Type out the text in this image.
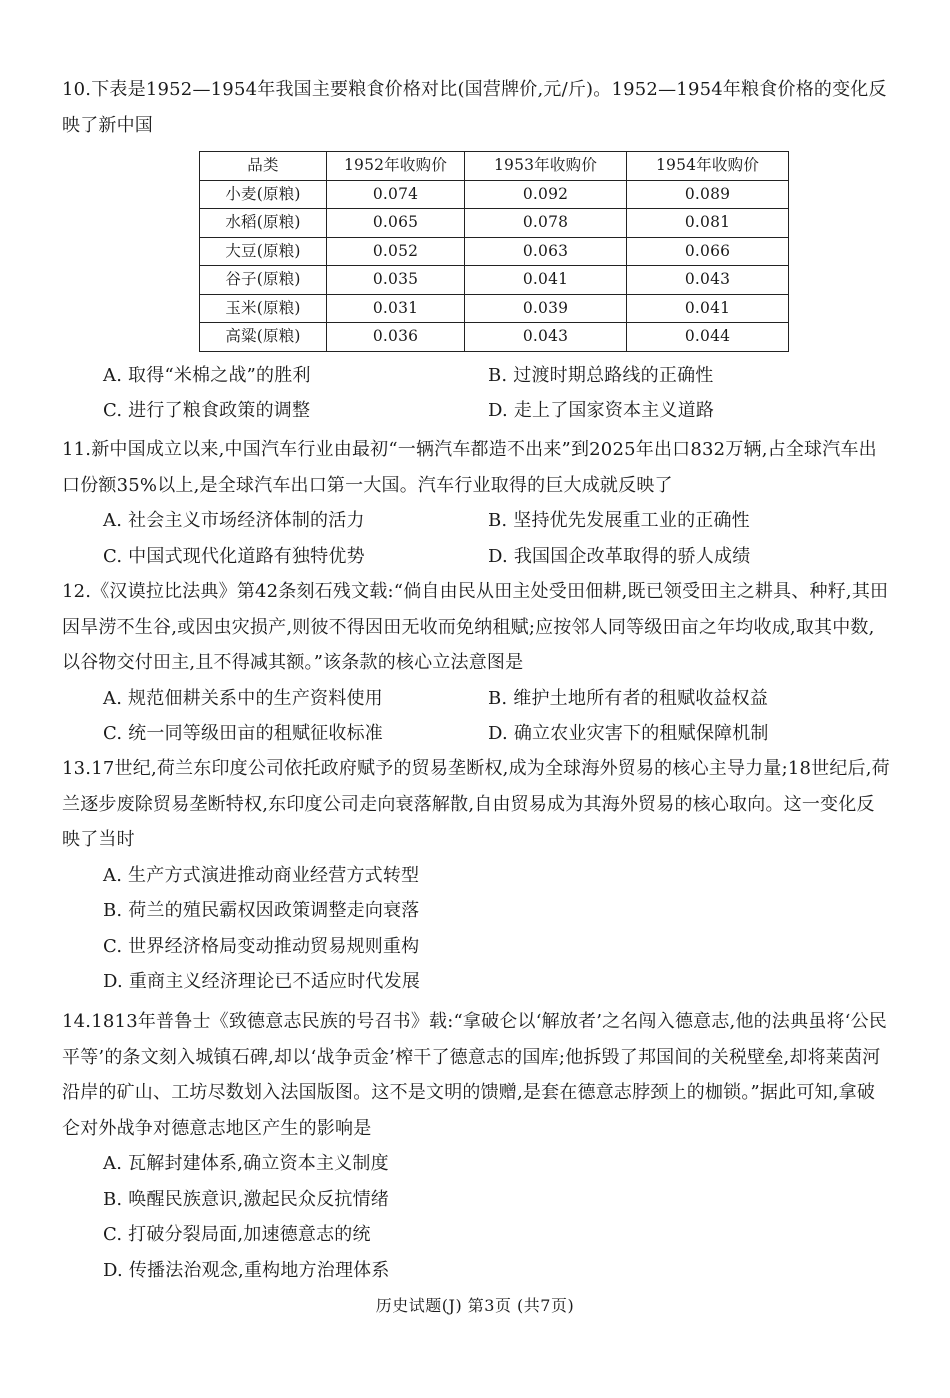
10.下表是1952—1954年我国主要粮食价格对比(国营牌价,元/斤)。1952—1954年粮食价格的变化反映了新中国

品类	1952年收购价	1953年收购价	1954年收购价
小麦(原粮)	0.074	0.092	0.089
水稻(原粮)	0.065	0.078	0.081
大豆(原粮)	0.052	0.063	0.066
谷子(原粮)	0.035	0.041	0.043
玉米(原粮)	0.031	0.039	0.041
高粱(原粮)	0.036	0.043	0.044
A. 取得“米棉之战”的胜利	B. 过渡时期总路线的正确性
C. 进行了粮食政策的调整	D. 走上了国家资本主义道路

11.新中国成立以来,中国汽车行业由最初“一辆汽车都造不出来”到2025年出口832万辆,占全球汽车出口份额35%以上,是全球汽车出口第一大国。汽车行业取得的巨大成就反映了

A. 社会主义市场经济体制的活力	B. 坚持优先发展重工业的正确性
C. 中国式现代化道路有独特优势	D. 我国国企改革取得的骄人成绩

12.《汉谟拉比法典》第42条刻石残文载:“倘自由民从田主处受田佃耕,既已领受田主之耕具、种籽,其田因旱涝不生谷,或因虫灾损产,则彼不得因田无收而免纳租赋;应按邻人同等级田亩之年均收成,取其中数,以谷物交付田主,且不得减其额。”该条款的核心立法意图是

A. 规范佃耕关系中的生产资料使用	B. 维护土地所有者的租赋收益权益
C. 统一同等级田亩的租赋征收标准	D. 确立农业灾害下的租赋保障机制

13.17世纪,荷兰东印度公司依托政府赋予的贸易垄断权,成为全球海外贸易的核心主导力量;18世纪后,荷兰逐步废除贸易垄断特权,东印度公司走向衰落解散,自由贸易成为其海外贸易的核心取向。这一变化反映了当时

A. 生产方式演进推动商业经营方式转型
B. 荷兰的殖民霸权因政策调整走向衰落
C. 世界经济格局变动推动贸易规则重构
D. 重商主义经济理论已不适应时代发展

14.1813年普鲁士《致德意志民族的号召书》载:“拿破仑以‘解放者’之名闯入德意志,他的法典虽将‘公民平等’的条文刻入城镇石碑,却以‘战争贡金’榨干了德意志的国库;他拆毁了邦国间的关税壁垒,却将莱茵河沿岸的矿山、工坊尽数划入法国版图。这不是文明的馈赠,是套在德意志脖颈上的枷锁。”据此可知,拿破仑对外战争对德意志地区产生的影响是

A. 瓦解封建体系,确立资本主义制度
B. 唤醒民族意识,激起民众反抗情绪
C. 打破分裂局面,加速德意志的统
D. 传播法治观念,重构地方治理体系
历史试题(J) 第3页 (共7页)
